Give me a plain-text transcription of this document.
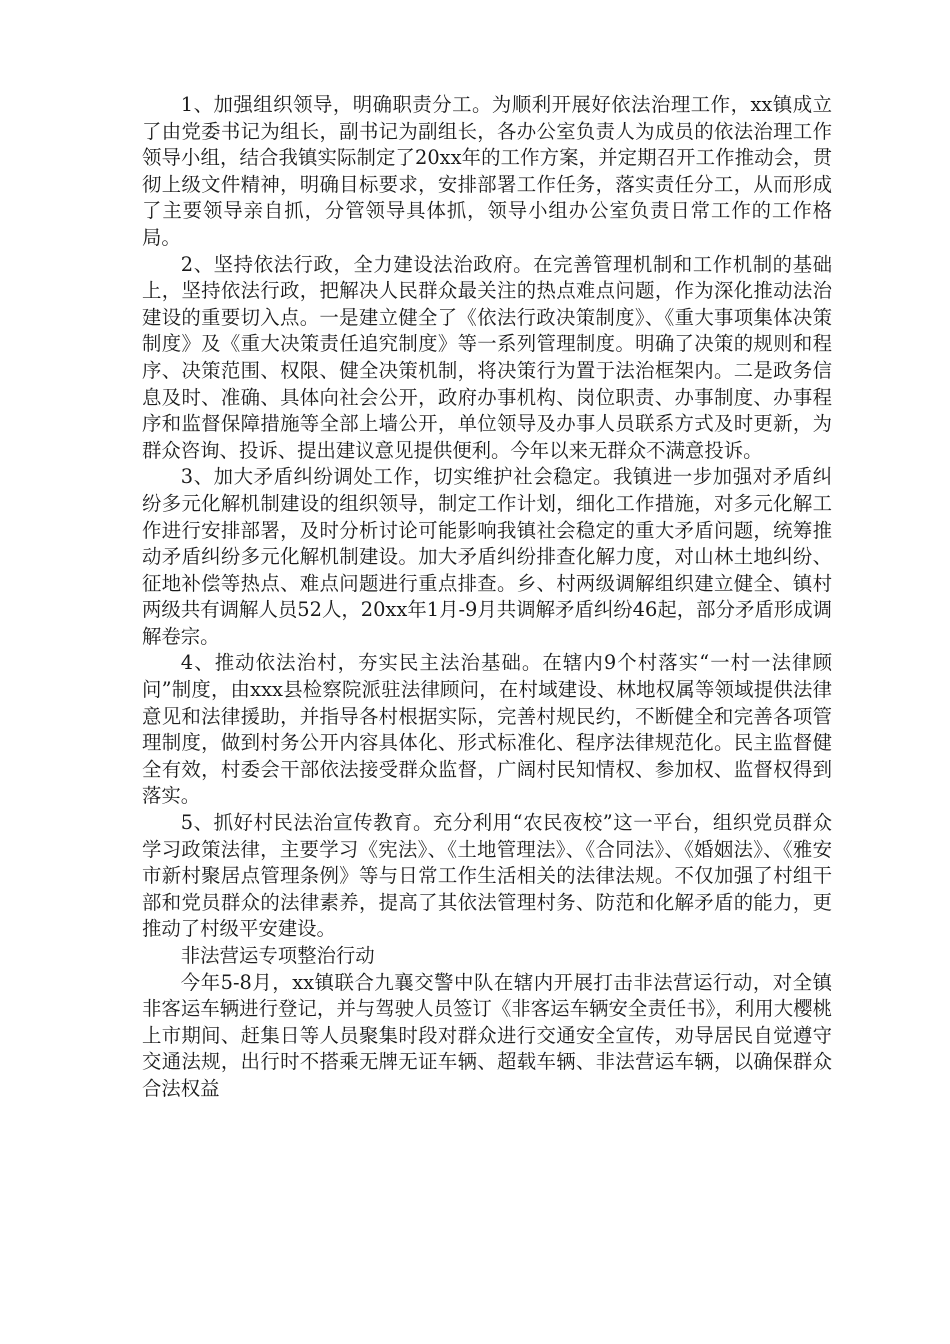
1、加强组织领导，明确职责分工。为顺利开展好依法治理工作，xx镇成立了由党委书记为组长，副书记为副组长，各办公室负责人为成员的依法治理工作领导小组，结合我镇实际制定了20xx年的工作方案，并定期召开工作推动会，贯彻上级文件精神，明确目标要求，安排部署工作任务，落实责任分工，从而形成了主要领导亲自抓，分管领导具体抓，领导小组办公室负责日常工作的工作格局。

2、坚持依法行政，全力建设法治政府。在完善管理机制和工作机制的基础上，坚持依法行政，把解决人民群众最关注的热点难点问题，作为深化推动法治建设的重要切入点。一是建立健全了《依法行政决策制度》、《重大事项集体决策制度》及《重大决策责任追究制度》等一系列管理制度。明确了决策的规则和程序、决策范围、权限、健全决策机制，将决策行为置于法治框架内。二是政务信息及时、准确、具体向社会公开，政府办事机构、岗位职责、办事制度、办事程序和监督保障措施等全部上墙公开，单位领导及办事人员联系方式及时更新，为群众咨询、投诉、提出建议意见提供便利。今年以来无群众不满意投诉。

3、加大矛盾纠纷调处工作，切实维护社会稳定。我镇进一步加强对矛盾纠纷多元化解机制建设的组织领导，制定工作计划，细化工作措施，对多元化解工作进行安排部署，及时分析讨论可能影响我镇社会稳定的重大矛盾问题，统筹推动矛盾纠纷多元化解机制建设。加大矛盾纠纷排查化解力度，对山林土地纠纷、征地补偿等热点、难点问题进行重点排查。乡、村两级调解组织建立健全、镇村两级共有调解人员52人，20xx年1月-9月共调解矛盾纠纷46起，部分矛盾形成调解卷宗。

4、推动依法治村，夯实民主法治基础。在辖内9个村落实“一村一法律顾问”制度，由xxx县检察院派驻法律顾问，在村域建设、林地权属等领域提供法律意见和法律援助，并指导各村根据实际，完善村规民约，不断健全和完善各项管理制度，做到村务公开内容具体化、形式标准化、程序法律规范化。民主监督健全有效，村委会干部依法接受群众监督，广阔村民知情权、参加权、监督权得到落实。

5、抓好村民法治宣传教育。充分利用“农民夜校”这一平台，组织党员群众学习政策法律，主要学习《宪法》、《土地管理法》、《合同法》、《婚姻法》、《雅安市新村聚居点管理条例》等与日常工作生活相关的法律法规。不仅加强了村组干部和党员群众的法律素养，提高了其依法管理村务、防范和化解矛盾的能力，更推动了村级平安建设。

非法营运专项整治行动

今年5-8月，xx镇联合九襄交警中队在辖内开展打击非法营运行动，对全镇非客运车辆进行登记，并与驾驶人员签订《非客运车辆安全责任书》，利用大樱桃上市期间、赶集日等人员聚集时段对群众进行交通安全宣传，劝导居民自觉遵守交通法规，出行时不搭乘无牌无证车辆、超载车辆、非法营运车辆，以确保群众合法权益
